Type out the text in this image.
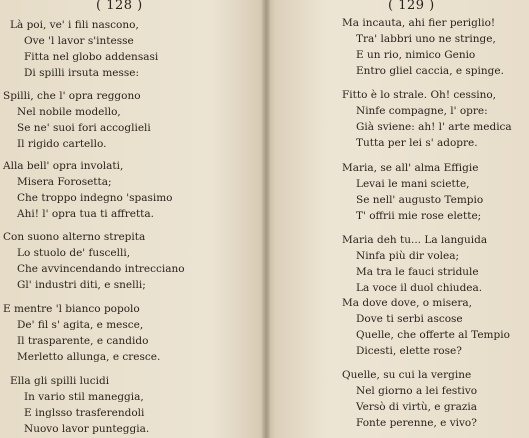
( 128 )
Là poi, ve' i fili nascono,
Ove 'l lavor s'intesse
Fitta nel globo addensasi
Di spilli irsuta messe:
Spilli, che l' opra reggono
Nel nobile modello,
Se ne' suoi fori accoglieli
Il rigido cartello.
Alla bell' opra involati,
Misera Forosetta;
Che troppo indegno 'spasimo
Ahi! l' opra tua ti affretta.
Con suono alterno strepita
Lo stuolo de' fuscelli,
Che avvincendando intrecciano
Gl' industri diti, e snelli;
E mentre 'l bianco popolo
De' fil s' agita, e mesce,
Il trasparente, e candido
Merletto allunga, e cresce.
Ella gli spilli lucidi
In vario stil maneggia,
E inglsso trasferendoli
Nuovo lavor punteggia.
( 129 )
Ma incauta, ahi fier periglio!
Tra' labbri uno ne stringe,
E un rio, nimico Genio
Entro gliel caccia, e spinge.
Fitto è lo strale. Oh! cessino,
Ninfe compagne, l' opre:
Già sviene: ah! l' arte medica
Tutta per lei s' adopre.
Maria, se all' alma Effigie
Levai le mani sciette,
Se nell' augusto Tempio
T' offrii mie rose elette;
Maria deh tu... La languida
Ninfa più dir volea;
Ma tra le fauci stridule
La voce il duol chiudea.
Ma dove dove, o misera,
Dove ti serbi ascose
Quelle, che offerte al Tempio
Dicesti, elette rose?
Quelle, su cui la vergine
Nel giorno a lei festivo
Versò di virtù, e grazia
Fonte perenne, e vivo?
